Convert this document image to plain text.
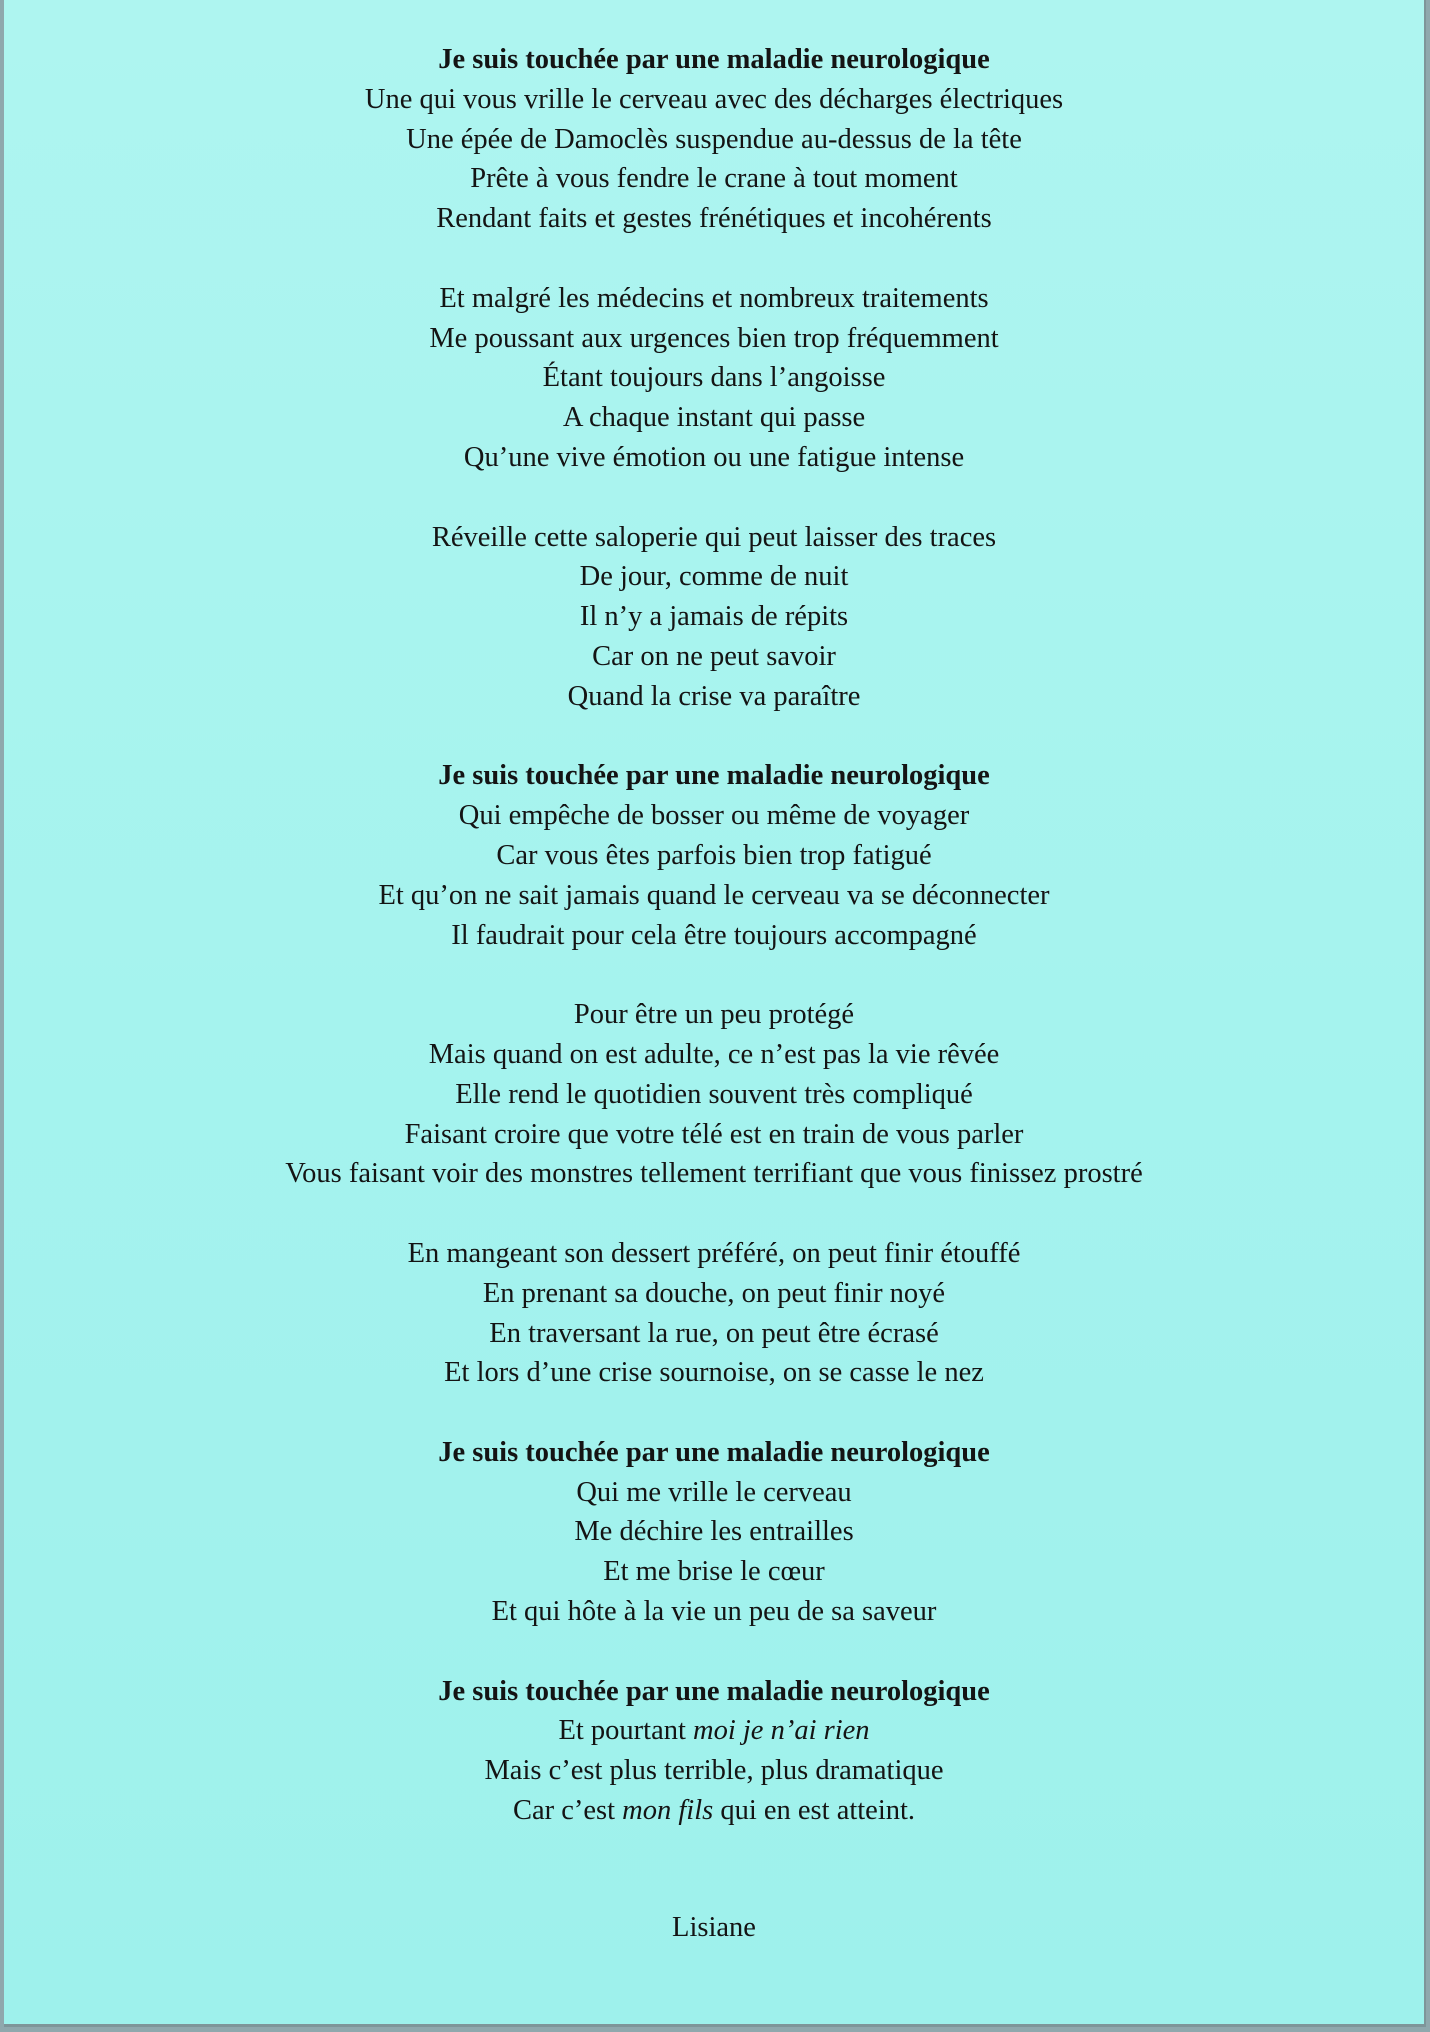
Je suis touchée par une maladie neurologique
Une qui vous vrille le cerveau avec des décharges électriques
Une épée de Damoclès suspendue au-dessus de la tête
Prête à vous fendre le crane à tout moment
Rendant faits et gestes frénétiques et incohérents
Et malgré les médecins et nombreux traitements
Me poussant aux urgences bien trop fréquemment
Étant toujours dans l’angoisse
A chaque instant qui passe
Qu’une vive émotion ou une fatigue intense
Réveille cette saloperie qui peut laisser des traces
De jour, comme de nuit
Il n’y a jamais de répits
Car on ne peut savoir
Quand la crise va paraître
Je suis touchée par une maladie neurologique
Qui empêche de bosser ou même de voyager
Car vous êtes parfois bien trop fatigué
Et qu’on ne sait jamais quand le cerveau va se déconnecter
Il faudrait pour cela être toujours accompagné
Pour être un peu protégé
Mais quand on est adulte, ce n’est pas la vie rêvée
Elle rend le quotidien souvent très compliqué
Faisant croire que votre télé est en train de vous parler
Vous faisant voir des monstres tellement terrifiant que vous finissez prostré
En mangeant son dessert préféré, on peut finir étouffé
En prenant sa douche, on peut finir noyé
En traversant la rue, on peut être écrasé
Et lors d’une crise sournoise, on se casse le nez
Je suis touchée par une maladie neurologique
Qui me vrille le cerveau
Me déchire les entrailles
Et me brise le cœur
Et qui hôte à la vie un peu de sa saveur
Je suis touchée par une maladie neurologique
Et pourtant moi je n’ai rien
Mais c’est plus terrible, plus dramatique
Car c’est mon fils qui en est atteint.
Lisiane
